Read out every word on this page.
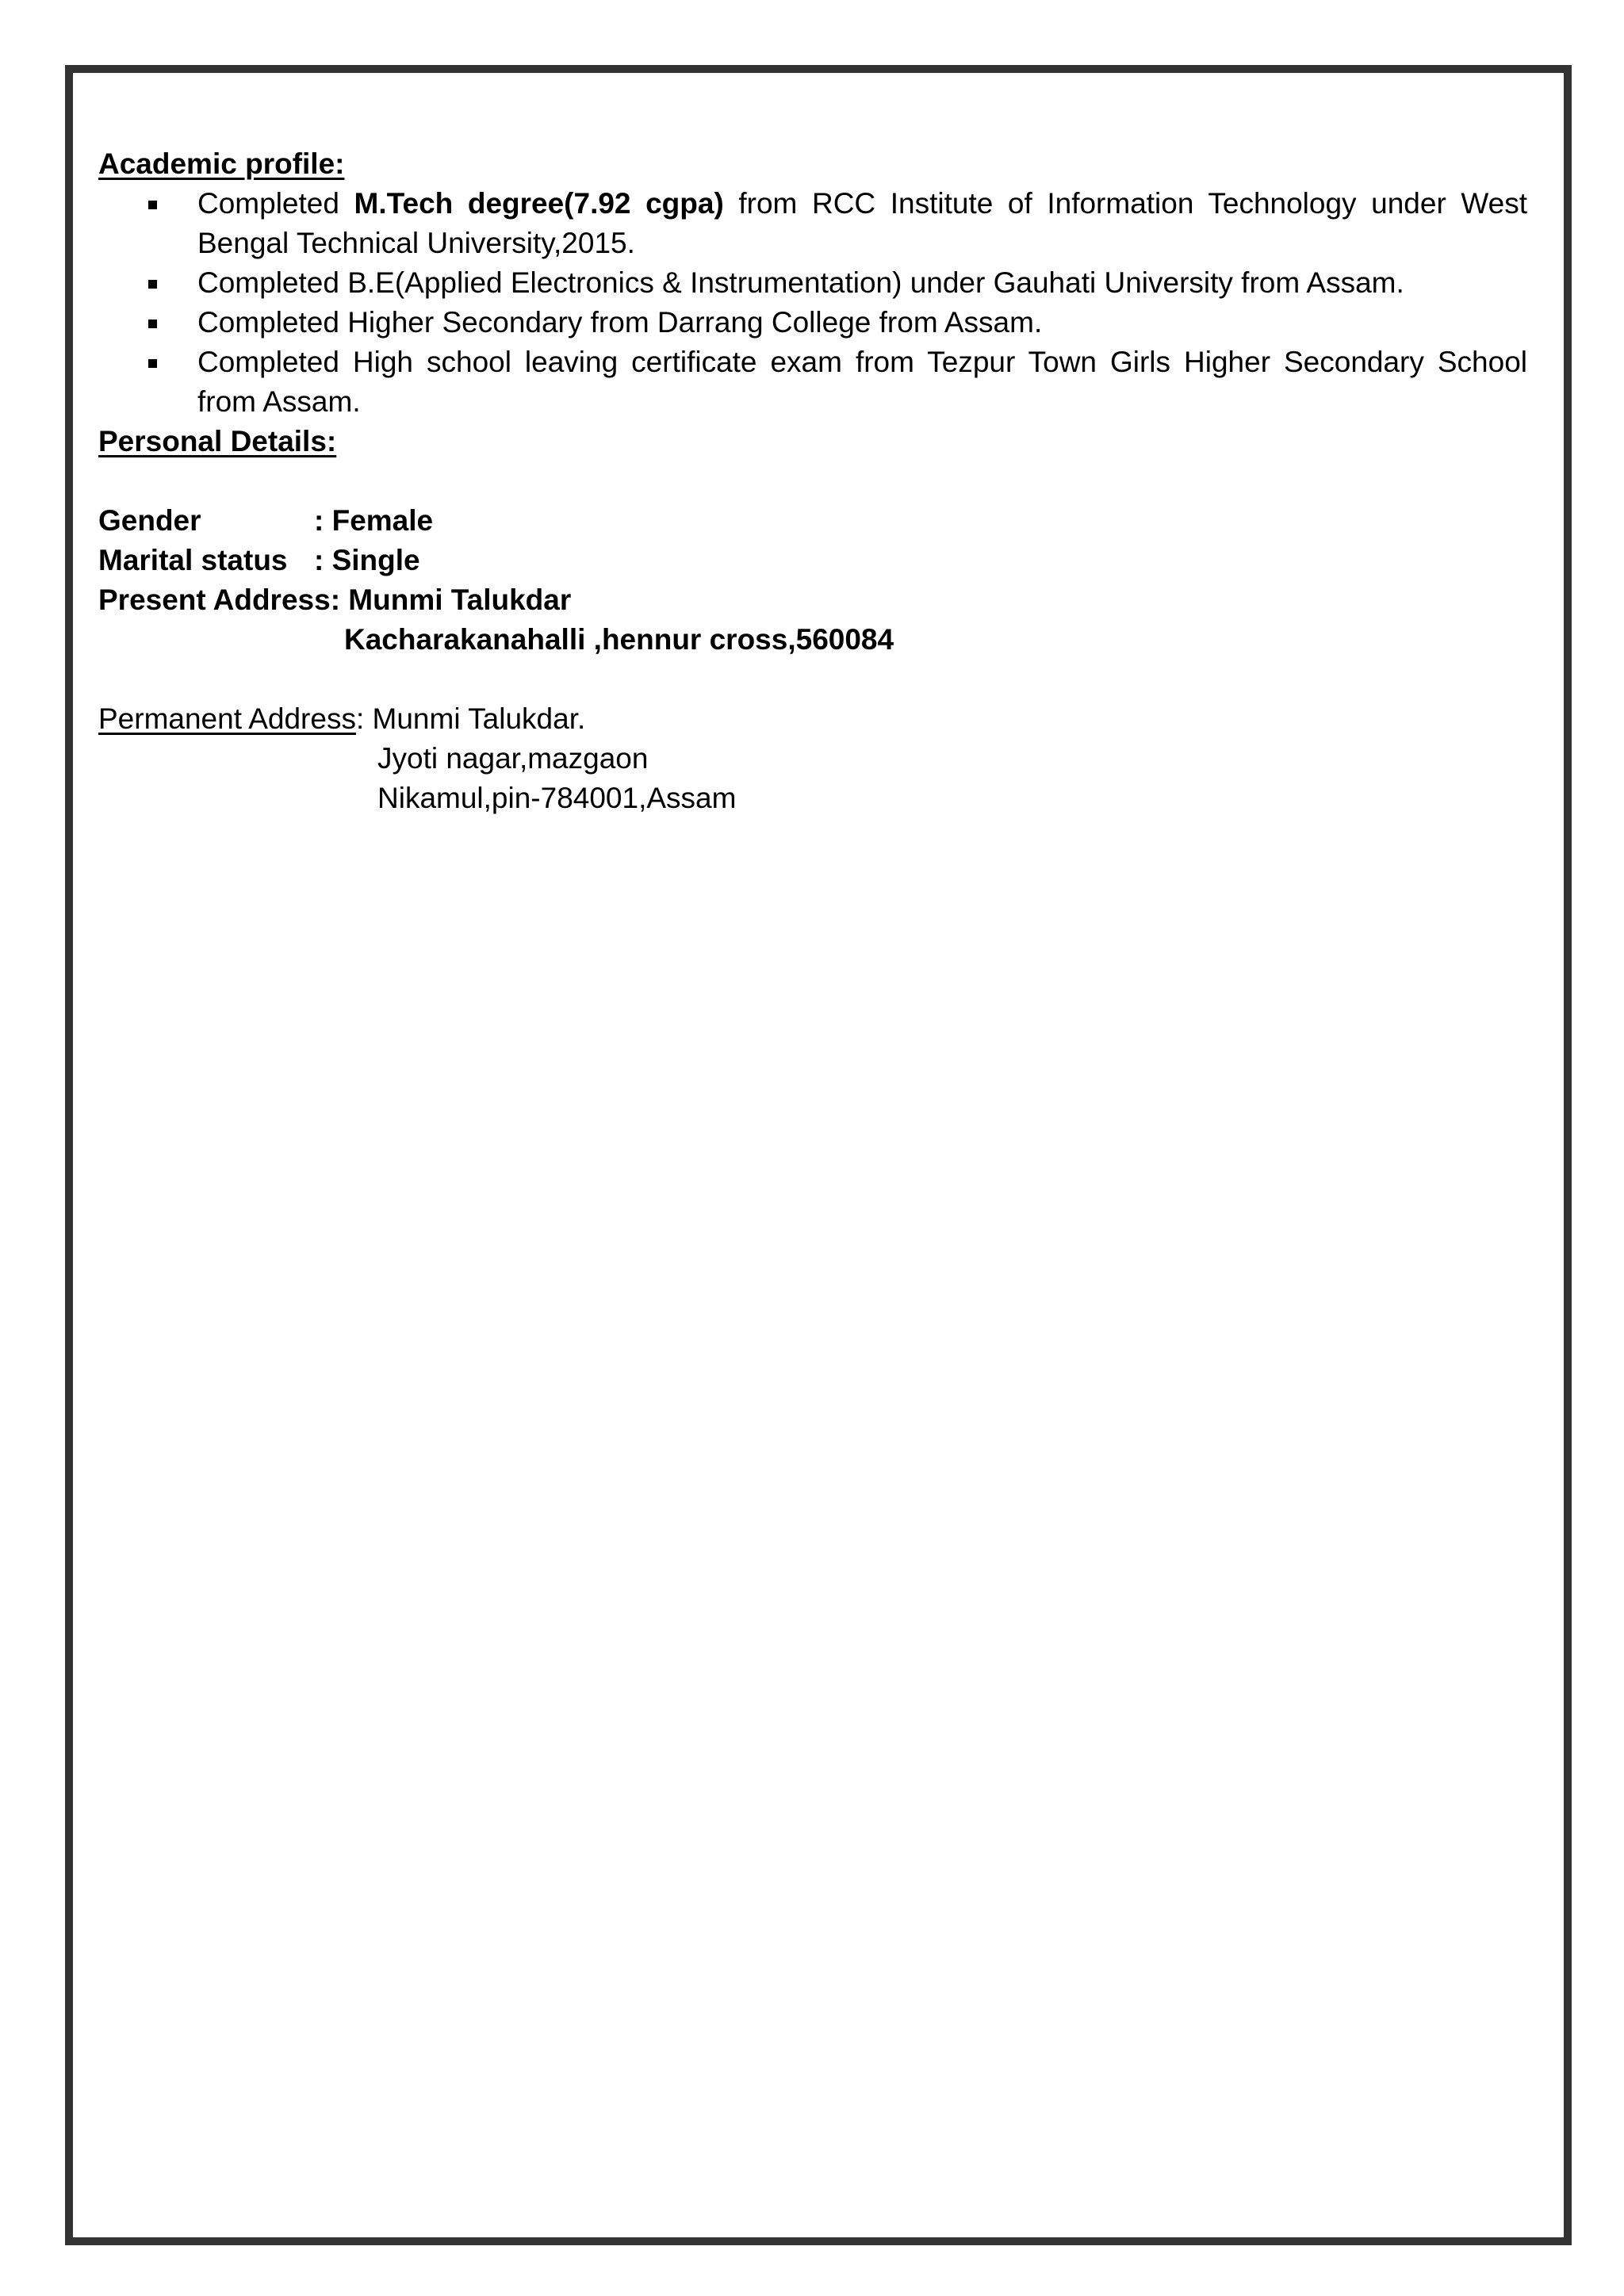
Academic profile:

Completed M.Tech degree(7.92 cgpa) from RCC Institute of Information Technology under West Bengal Technical University,2015.
Completed B.E(Applied Electronics & Instrumentation) under Gauhati University from Assam.
Completed Higher Secondary from Darrang College from Assam.
Completed High school leaving certificate exam from Tezpur Town Girls Higher Secondary School from Assam.

Personal Details:

Gender	: Female
Marital status : Single
Present Address : Munmi Talukdar
Kacharakanahalli ,hennur cross,560084
Permanent Address: Munmi Talukdar.
Jyoti nagar,mazgaon
Nikamul,pin-784001,Assam
